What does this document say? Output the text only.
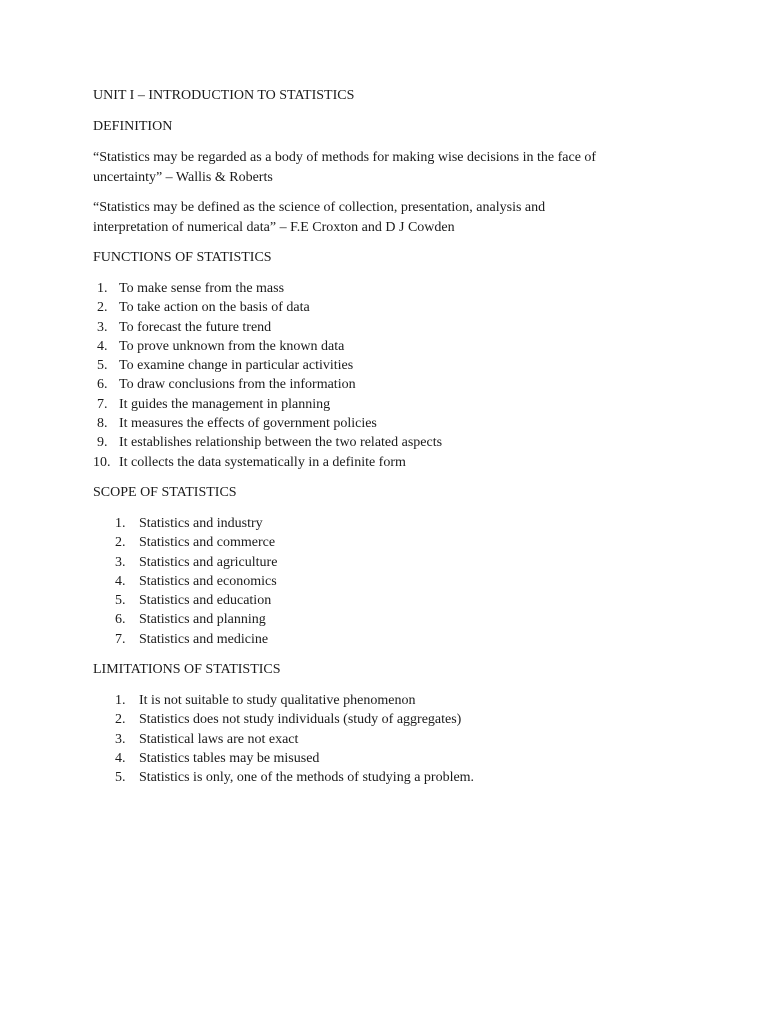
UNIT I – INTRODUCTION TO STATISTICS

DEFINITION

“Statistics may be regarded as a body of methods for making wise decisions in the face of

uncertainty” – Wallis & Roberts

“Statistics may be defined as the science of collection, presentation, analysis and

interpretation of numerical data” – F.E Croxton and D J Cowden

FUNCTIONS OF STATISTICS

1. To make sense from the mass
2. To take action on the basis of data
3. To forecast the future trend
4. To prove unknown from the known data
5. To examine change in particular activities
6. To draw conclusions from the information
7. It guides the management in planning
8. It measures the effects of government policies
9. It establishes relationship between the two related aspects
10. It collects the data systematically in a definite form

SCOPE OF STATISTICS

1. Statistics and industry
2. Statistics and commerce
3. Statistics and agriculture
4. Statistics and economics
5. Statistics and education
6. Statistics and planning
7. Statistics and medicine

LIMITATIONS OF STATISTICS

1. It is not suitable to study qualitative phenomenon
2. Statistics does not study individuals (study of aggregates)
3. Statistical laws are not exact
4. Statistics tables may be misused
5. Statistics is only, one of the methods of studying a problem.
